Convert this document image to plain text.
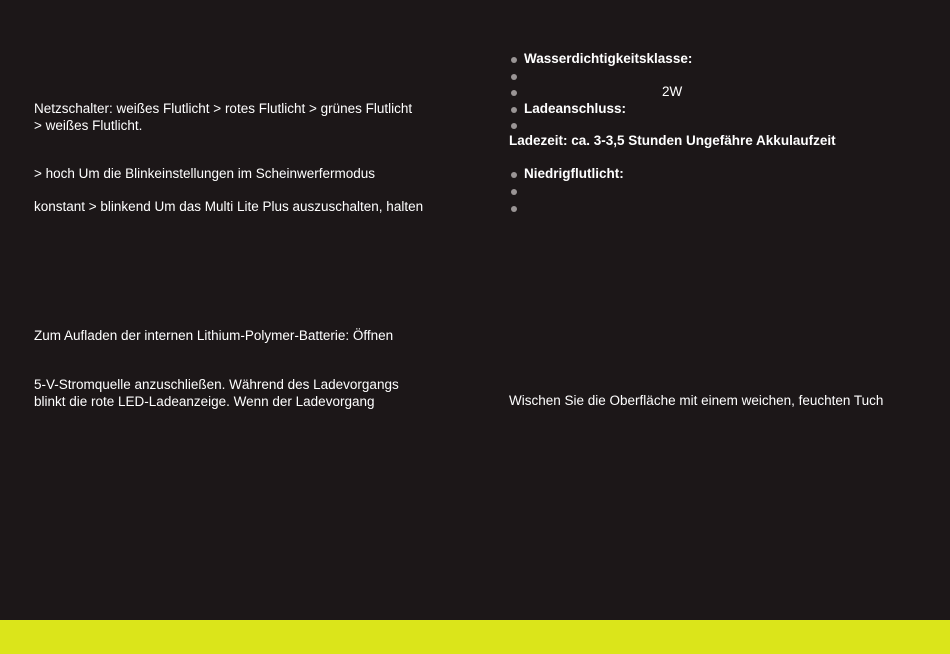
Netzschalter: weißes Flutlicht > rotes Flutlicht > grünes Flutlicht
> weißes Flutlicht.
> hoch Um die Blinkeinstellungen im Scheinwerfermodus
konstant > blinkend Um das Multi Lite Plus auszuschalten, halten
Zum Aufladen der internen Lithium-Polymer-Batterie: Öffnen
5-V-Stromquelle anzuschließen. Während des Ladevorgangs
blinkt die rote LED-Ladeanzeige. Wenn der Ladevorgang
Wasserdichtigkeitsklasse:
2W
Ladeanschluss:
Ladezeit: ca. 3-3,5 Stunden Ungefähre Akkulaufzeit
Niedrigflutlicht:
Wischen Sie die Oberfläche mit einem weichen, feuchten Tuch
